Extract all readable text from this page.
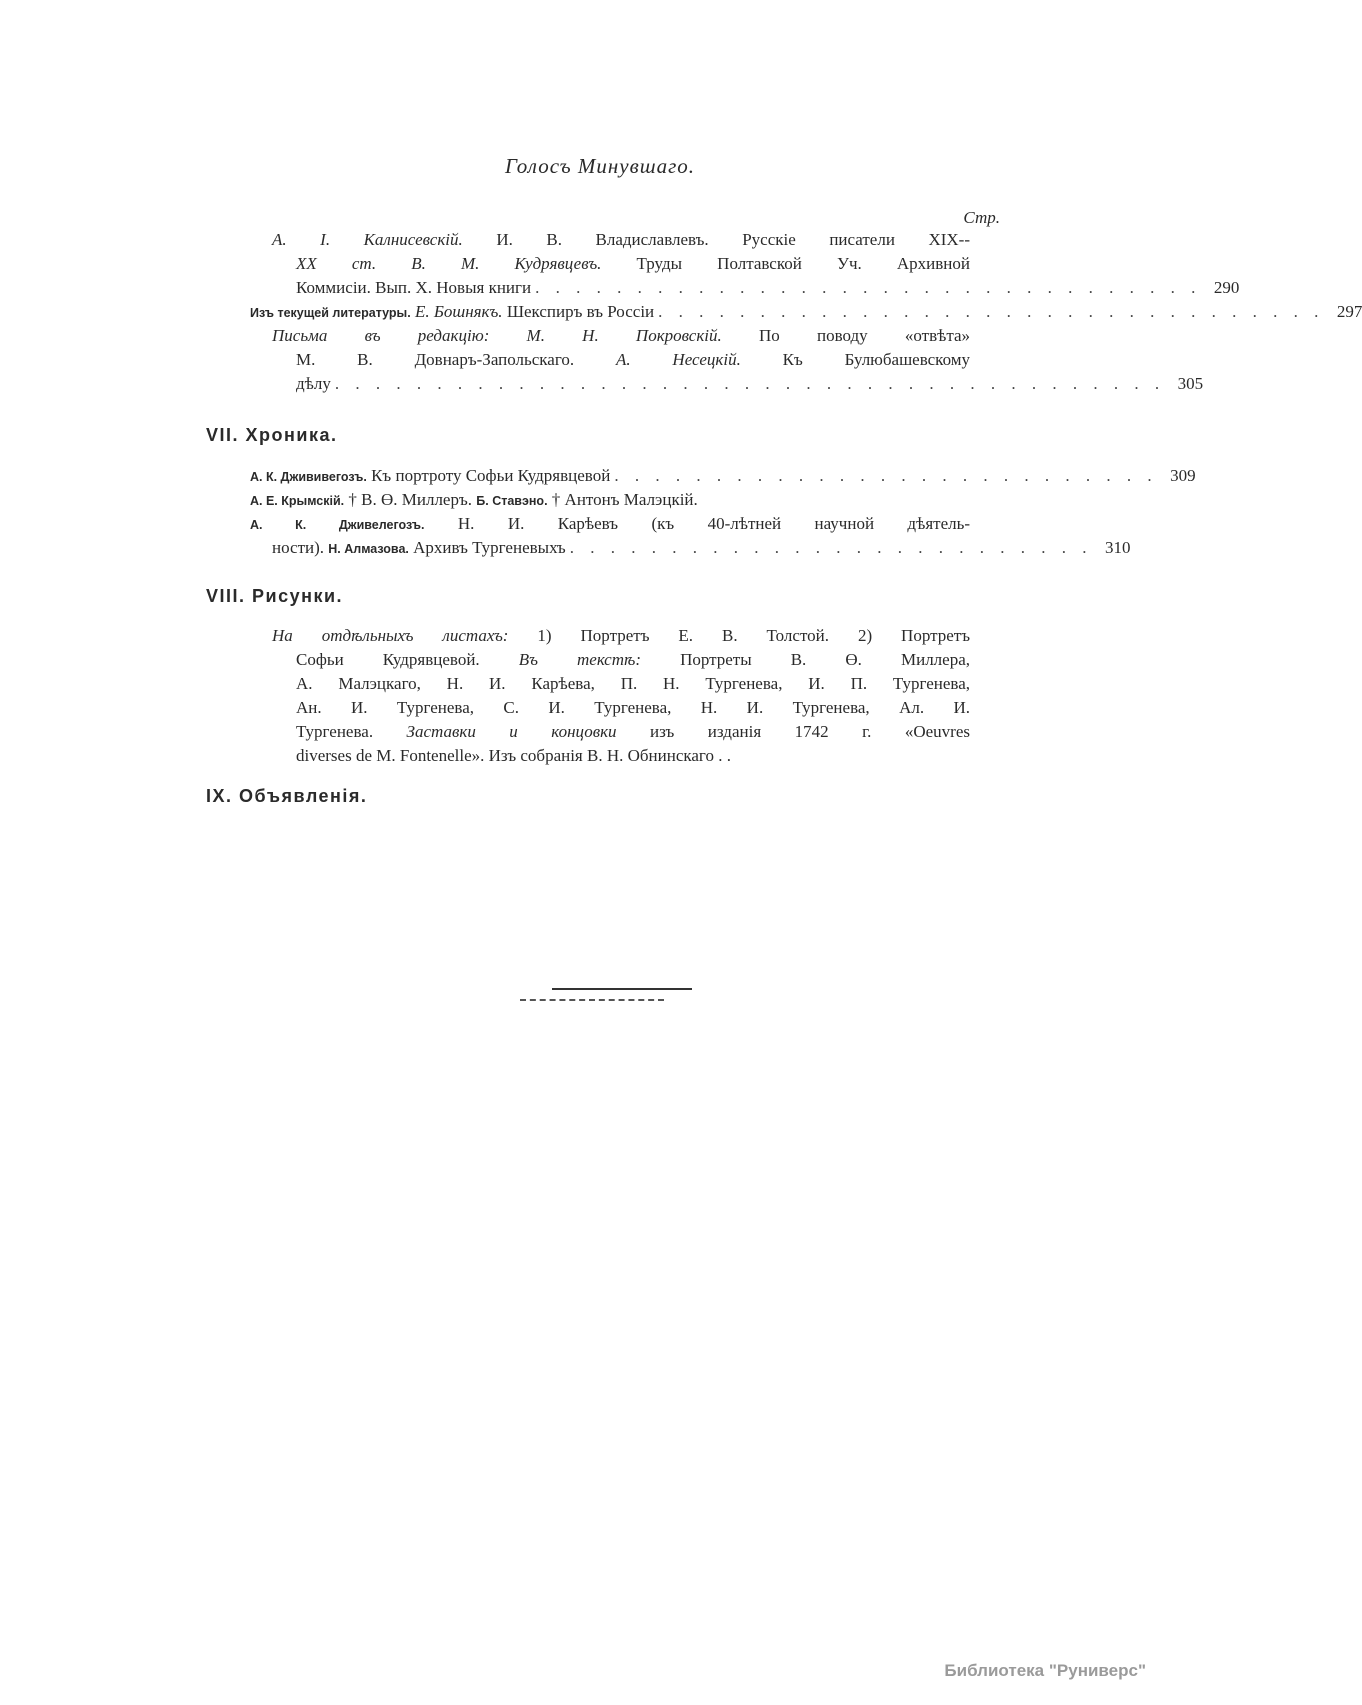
Голосъ Минувшаго.
Стр.
А. I. Калнисевскій. И. В. Владиславлевъ. Русскіе писатели XIX--
XX ст. В. М. Кудрявцевъ. Труды Полтавской Уч. Архивной
Коммисіи. Вып. X. Новыя книги . . . . . . . . . . . . . . . . . . . . . . . . . . . . . . . . . 290
Изъ текущей литературы.
Е. Бошнякъ.
Шекспиръ въ Россіи . . . . . . . . . . . . . . . . . . . . . . . . . . . . . . . . . 297
Письма въ редакцію: М. Н. Покровскій. По поводу «отвѣта»
М. В. Довнаръ-Запольскаго. А. Несецкій. Къ Булюбашевскому
дѣлу . . . . . . . . . . . . . . . . . . . . . . . . . . . . . . . . . . . . . . . . . 305
VII. Хроника.
А. К. Джививегозъ.
Къ портроту Софьи Кудрявцевой . . . . . . . . . . . . . . . . . . . . . . . . . . . 309
А. Е. Крымскій.
† В. Ө. Миллеръ.
Б. Ставэно.
† Антонъ Малэцкій.
А. К. Дживелегозъ. Н. И. Карѣевъ (къ 40-лѣтней научной дѣятель-
ности).
Н. Алмазова.
Архивъ Тургеневыхъ . . . . . . . . . . . . . . . . . . . . . . . . . . 310
VIII. Рисунки.
На отдѣльныхъ листахъ: 1) Портретъ Е. В. Толстой. 2) Портретъ
Софьи Кудрявцевой. Въ текстѣ: Портреты В. Ө. Миллера,
А. Малэцкаго, Н. И. Карѣева, П. Н. Тургенева, И. П. Тургенева,
Ан. И. Тургенева, С. И. Тургенева, Н. И. Тургенева, Ал. И.
Тургенева. Заставки и концовки изъ изданія 1742 г. «Oeuvres
diverses de M. Fontenelle». Изъ собранія В. Н. Обнинскаго . .
IX. Объявленія.
Библиотека "Руниверс"
